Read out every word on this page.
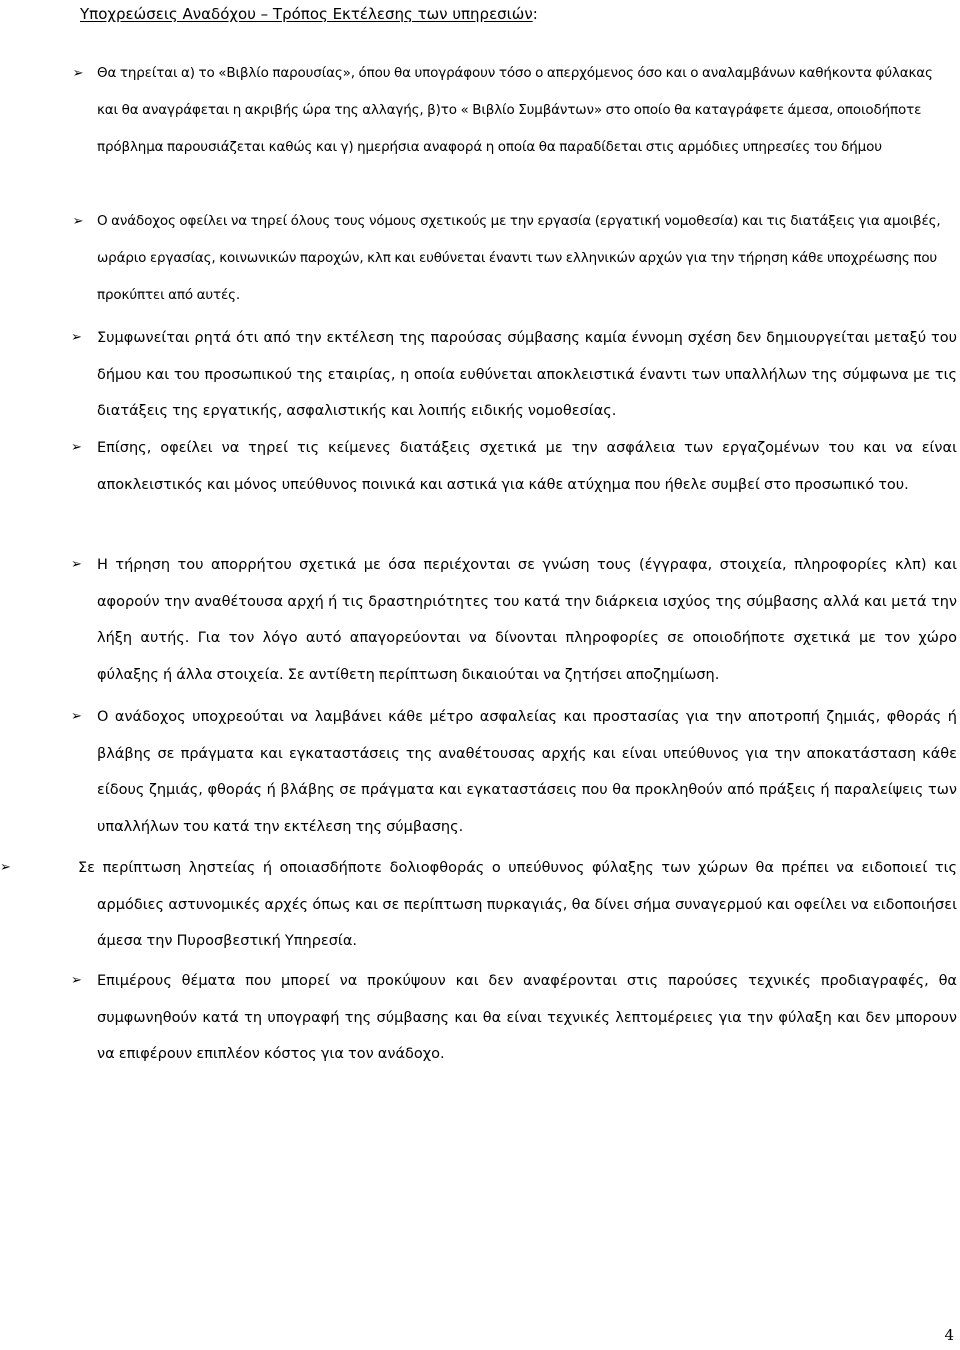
Υποχρεώσεις Αναδόχου – Τρόπος Εκτέλεσης των υπηρεσιών:

➢ Θα τηρείται α) το «Βιβλίο παρουσίας», όπου θα υπογράφουν τόσο ο απερχόμενος όσο και ο αναλαμβάνων καθήκοντα φύλακας και θα αναγράφεται η ακριβής ώρα της αλλαγής, β)το « Βιβλίο Συμβάντων» στο οποίο θα καταγράφετε άμεσα, οποιοδήποτε πρόβλημα παρουσιάζεται καθώς και γ) ημερήσια αναφορά η οποία θα παραδίδεται στις αρμόδιες υπηρεσίες του δήμου

➢ Ο ανάδοχος οφείλει να τηρεί όλους τους νόμους σχετικούς με την εργασία (εργατική νομοθεσία) και τις διατάξεις για αμοιβές, ωράριο εργασίας, κοινωνικών παροχών, κλπ και ευθύνεται έναντι των ελληνικών αρχών για την τήρηση κάθε υποχρέωσης που προκύπτει από αυτές.

➢ Συμφωνείται ρητά ότι από την εκτέλεση της παρούσας σύμβασης καμία έννομη σχέση δεν δημιουργείται μεταξύ του δήμου και του προσωπικού της εταιρίας, η οποία ευθύνεται αποκλειστικά έναντι των υπαλλήλων της σύμφωνα με τις διατάξεις της εργατικής, ασφαλιστικής και λοιπής ειδικής νομοθεσίας.

➢ Επίσης, οφείλει να τηρεί τις κείμενες διατάξεις σχετικά με την ασφάλεια των εργαζομένων του και να είναι αποκλειστικός και μόνος υπεύθυνος ποινικά και αστικά για κάθε ατύχημα που ήθελε συμβεί στο προσωπικό του.

➢ Η τήρηση του απορρήτου σχετικά με όσα περιέχονται σε γνώση τους (έγγραφα, στοιχεία, πληροφορίες κλπ) και αφορούν την αναθέτουσα αρχή ή τις δραστηριότητες του κατά την διάρκεια ισχύος της σύμβασης αλλά και μετά την λήξη αυτής. Για τον λόγο αυτό απαγορεύονται να δίνονται πληροφορίες σε οποιοδήποτε σχετικά με τον χώρο φύλαξης ή άλλα στοιχεία. Σε αντίθετη περίπτωση δικαιούται να ζητήσει αποζημίωση.

➢ Ο ανάδοχος υποχρεούται να λαμβάνει κάθε μέτρο ασφαλείας και προστασίας για την αποτροπή ζημιάς, φθοράς ή βλάβης σε πράγματα και εγκαταστάσεις της αναθέτουσας αρχής και είναι υπεύθυνος για την αποκατάσταση κάθε είδους ζημιάς, φθοράς ή βλάβης σε πράγματα και εγκαταστάσεις που θα προκληθούν από πράξεις ή παραλείψεις των υπαλλήλων του κατά την εκτέλεση της σύμβασης.

➢	Σε περίπτωση ληστείας ή οποιασδήποτε δολιοφθοράς ο υπεύθυνος φύλαξης των χώρων θα πρέπει να ειδοποιεί τις αρμόδιες αστυνομικές αρχές όπως και σε περίπτωση πυρκαγιάς, θα δίνει σήμα συναγερμού και οφείλει να ειδοποιήσει άμεσα την Πυροσβεστική Υπηρεσία.

➢ Επιμέρους θέματα που μπορεί να προκύψουν και δεν αναφέρονται στις παρούσες τεχνικές προδιαγραφές, θα συμφωνηθούν κατά τη υπογραφή της σύμβασης και θα είναι τεχνικές λεπτομέρειες για την φύλαξη και δεν μπορουν να επιφέρουν επιπλέον κόστος για τον ανάδοχο.

4
